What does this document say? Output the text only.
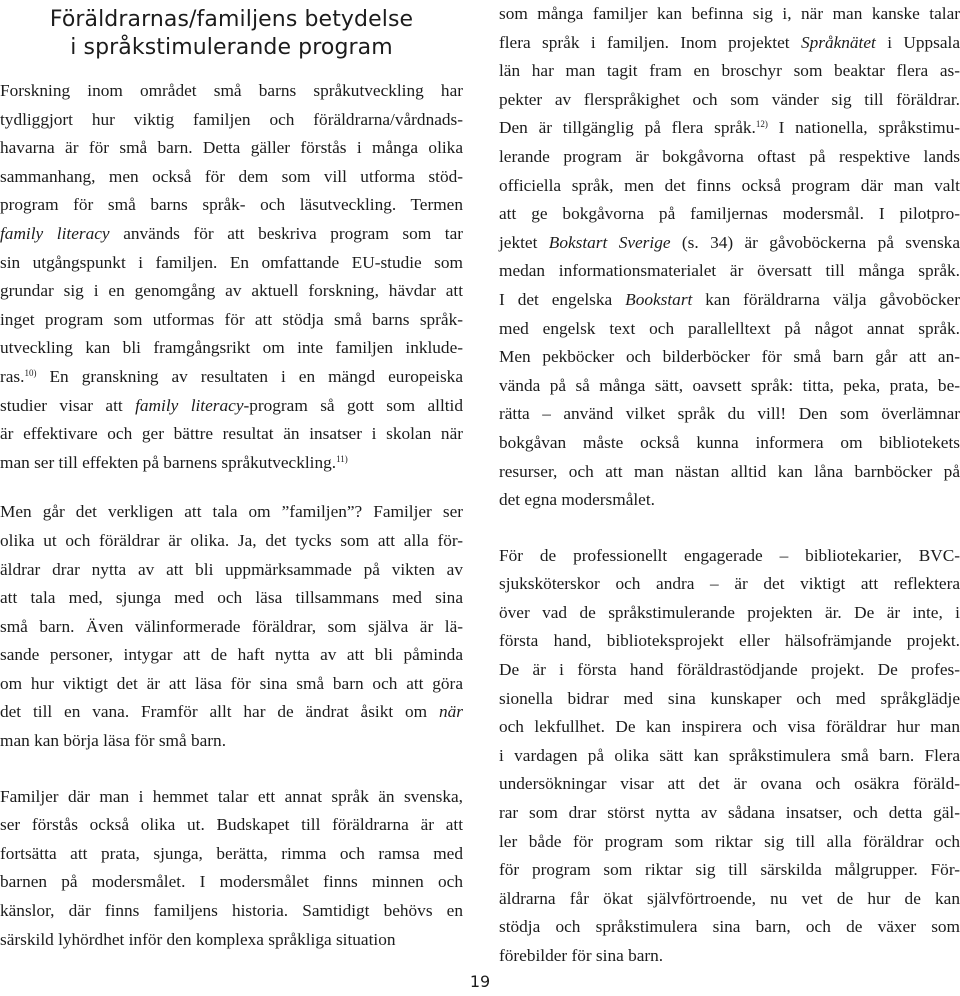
Föräldrarnas/familjens betydelse
i språkstimulerande program

Forskning inom området små barns språkutveckling har
tydliggjort hur viktig familjen och föräldrarna/vårdnads-
havarna är för små barn. Detta gäller förstås i många olika
sammanhang, men också för dem som vill utforma stöd-
program för små barns språk- och läsutveckling. Termen
family literacy används för att beskriva program som tar
sin utgångspunkt i familjen. En omfattande EU-studie som
grundar sig i en genomgång av aktuell forskning, hävdar att
inget program som utformas för att stödja små barns språk-
utveckling kan bli framgångsrikt om inte familjen inklude-
ras.$^{10)}$ En granskning av resultaten i en mängd europeiska
studier visar att family literacy-program så gott som alltid
är effektivare och ger bättre resultat än insatser i skolan när
man ser till effekten på barnens språkutveckling.$^{11)}$

Men går det verkligen att tala om ”familjen”? Familjer ser
olika ut och föräldrar är olika. Ja, det tycks som att alla för-
äldrar drar nytta av att bli uppmärksammade på vikten av
att tala med, sjunga med och läsa tillsammans med sina
små barn. Även välinformerade föräldrar, som själva är lä-
sande personer, intygar att de haft nytta av att bli påminda
om hur viktigt det är att läsa för sina små barn och att göra
det till en vana. Framför allt har de ändrat åsikt om när
man kan börja läsa för små barn.

Familjer där man i hemmet talar ett annat språk än svenska,
ser förstås också olika ut. Budskapet till föräldrarna är att
fortsätta att prata, sjunga, berätta, rimma och ramsa med
barnen på modersmålet. I modersmålet finns minnen och
känslor, där finns familjens historia. Samtidigt behövs en
särskild lyhördhet inför den komplexa språkliga situation

som många familjer kan befinna sig i, när man kanske talar
flera språk i familjen. Inom projektet Språknätet i Uppsala
län har man tagit fram en broschyr som beaktar flera as-
pekter av flerspråkighet och som vänder sig till föräldrar.
Den är tillgänglig på flera språk.$^{12)}$ I nationella, språkstimu-
lerande program är bokgåvorna oftast på respektive lands
officiella språk, men det finns också program där man valt
att ge bokgåvorna på familjernas modersmål. I pilotpro-
jektet Bokstart Sverige (s. 34) är gåvoböckerna på svenska
medan informationsmaterialet är översatt till många språk.
I det engelska Bookstart kan föräldrarna välja gåvoböcker
med engelsk text och parallelltext på något annat språk.
Men pekböcker och bilderböcker för små barn går att an-
vända på så många sätt, oavsett språk: titta, peka, prata, be-
rätta – använd vilket språk du vill! Den som överlämnar
bokgåvan måste också kunna informera om bibliotekets
resurser, och att man nästan alltid kan låna barnböcker på
det egna modersmålet.

För de professionellt engagerade – bibliotekarier, BVC-
sjuksköterskor och andra – är det viktigt att reflektera
över vad de språkstimulerande projekten är. De är inte, i
första hand, biblioteksprojekt eller hälsofrämjande projekt.
De är i första hand föräldrastödjande projekt. De profes-
sionella bidrar med sina kunskaper och med språkglädje
och lekfullhet. De kan inspirera och visa föräldrar hur man
i vardagen på olika sätt kan språkstimulera små barn. Flera
undersökningar visar att det är ovana och osäkra föräld-
rar som drar störst nytta av sådana insatser, och detta gäl-
ler både för program som riktar sig till alla föräldrar och
för program som riktar sig till särskilda målgrupper. För-
äldrarna får ökat självförtroende, nu vet de hur de kan
stödja och språkstimulera sina barn, och de växer som
förebilder för sina barn.

19
